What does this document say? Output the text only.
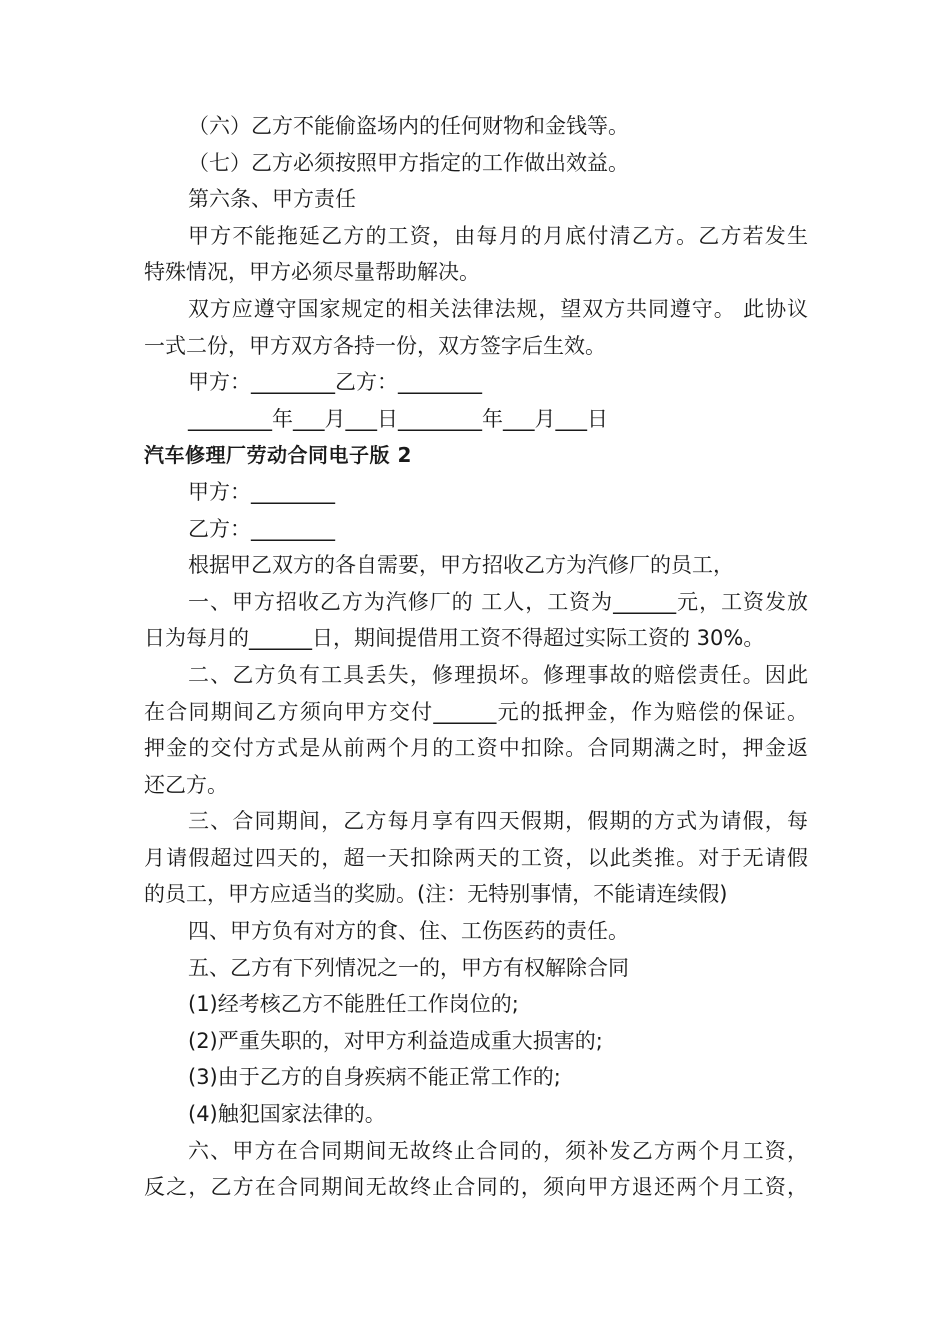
（六）乙方不能偷盗场内的任何财物和金钱等。
（七）乙方必须按照甲方指定的工作做出效益。
第六条、甲方责任
甲方不能拖延乙方的工资，由每月的月底付清乙方。乙方若发生
特殊情况，甲方必须尽量帮助解决。
双方应遵守国家规定的相关法律法规，望双方共同遵守。 此协议
一式二份，甲方双方各持一份，双方签字后生效。
甲方：________乙方：________
________年___月___日________年___月___日
汽车修理厂劳动合同电子版 2
甲方：________
乙方：________
根据甲乙双方的各自需要，甲方招收乙方为汽修厂的员工，
一、甲方招收乙方为汽修厂的 工人，工资为______元，工资发放
日为每月的______日，期间提借用工资不得超过实际工资的 30%。
二、乙方负有工具丢失，修理损坏。修理事故的赔偿责任。因此
在合同期间乙方须向甲方交付______元的抵押金，作为赔偿的保证。
押金的交付方式是从前两个月的工资中扣除。合同期满之时，押金返
还乙方。
三、合同期间，乙方每月享有四天假期，假期的方式为请假，每
月请假超过四天的，超一天扣除两天的工资，以此类推。对于无请假
的员工，甲方应适当的奖励。(注：无特别事情，不能请连续假)
四、甲方负有对方的食、住、工伤医药的责任。
五、乙方有下列情况之一的，甲方有权解除合同
(1)经考核乙方不能胜任工作岗位的;
(2)严重失职的，对甲方利益造成重大损害的;
(3)由于乙方的自身疾病不能正常工作的;
(4)触犯国家法律的。
六、甲方在合同期间无故终止合同的，须补发乙方两个月工资，
反之，乙方在合同期间无故终止合同的，须向甲方退还两个月工资，
